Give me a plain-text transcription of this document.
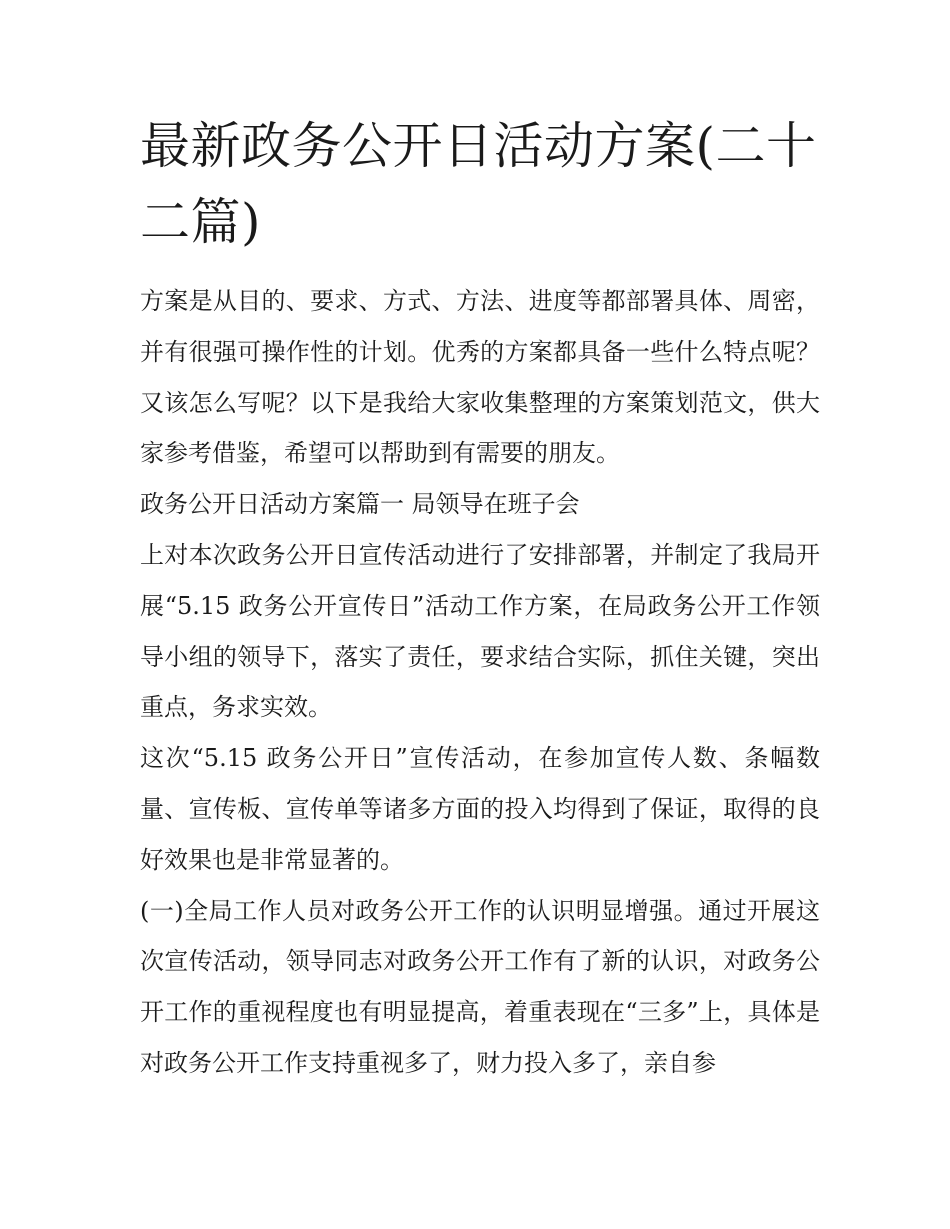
最新政务公开日活动方案(二十二篇)

方案是从目的、要求、方式、方法、进度等都部署具体、周密，并有很强可操作性的计划。优秀的方案都具备一些什么特点呢？又该怎么写呢？以下是我给大家收集整理的方案策划范文，供大家参考借鉴，希望可以帮助到有需要的朋友。

政务公开日活动方案篇一 局领导在班子会

上对本次政务公开日宣传活动进行了安排部署，并制定了我局开展“5.15 政务公开宣传日”活动工作方案，在局政务公开工作领导小组的领导下，落实了责任，要求结合实际，抓住关键，突出重点，务求实效。

这次“5.15 政务公开日”宣传活动，在参加宣传人数、条幅数量、宣传板、宣传单等诸多方面的投入均得到了保证，取得的良好效果也是非常显著的。

(一)全局工作人员对政务公开工作的认识明显增强。通过开展这次宣传活动，领导同志对政务公开工作有了新的认识，对政务公开工作的重视程度也有明显提高，着重表现在“三多”上，具体是对政务公开工作支持重视多了，财力投入多了，亲自参
